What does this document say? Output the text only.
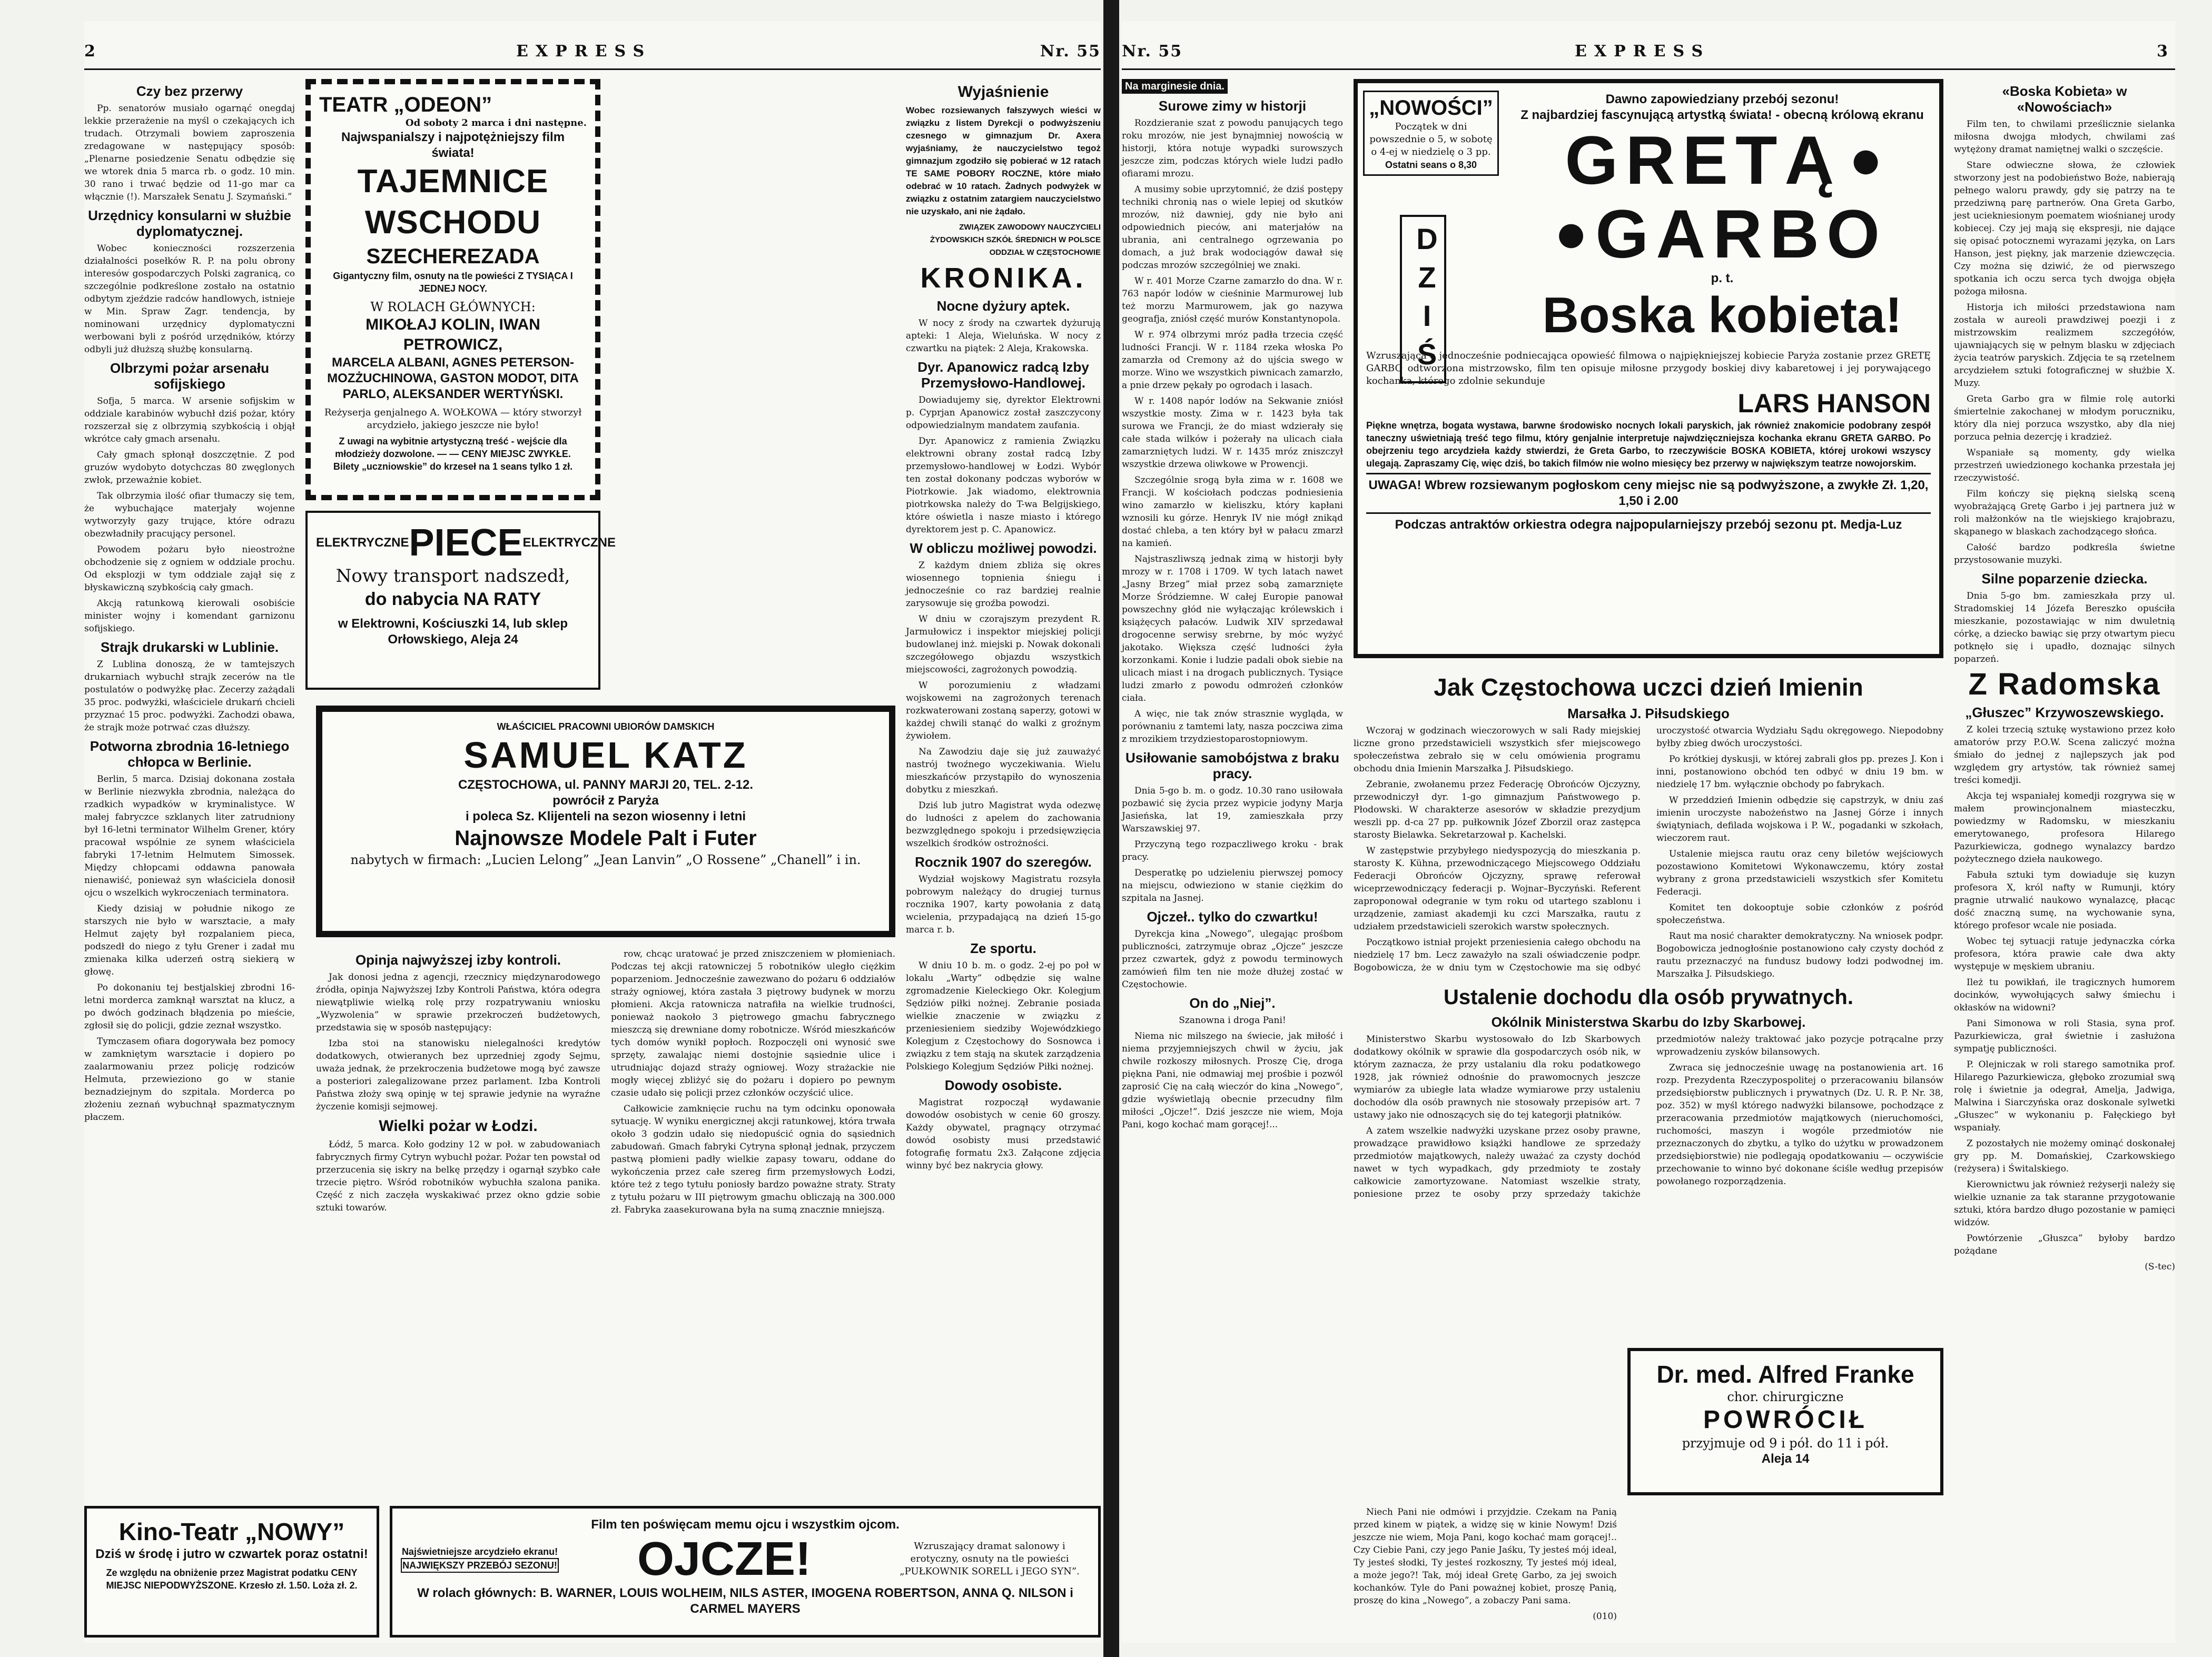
2	EXPRESS	Nr. 55
Czy bez przerwy

Pp. senatorów musiało ogarnąć onegdaj lekkie przerażenie na myśl o czekających ich trudach. Otrzymali bowiem zaproszenia zredagowane w następujący sposób: „Plenarne posiedzenie Senatu odbędzie się we wtorek dnia 5 marca rb. o godz. 10 min. 30 rano i trwać będzie od 11-go mar ca włącznie (!). Marszałek Senatu J. Szymański.”

Urzędnicy konsularni w służbie dyplomatycznej.

Wobec konieczności rozszerzenia działalności posełków R. P. na polu obrony interesów gospodarczych Polski zagranicą, co szczególnie podkreślone zostało na ostatnio odbytym zjeździe radców handlowych, istnieje w Min. Spraw Zagr. tendencja, by nominowani urzędnicy dyplomatyczni werbowani byli z pośród urzędników, którzy odbyli już dłuższą służbę konsularną.

Olbrzymi pożar arsenału sofijskiego

Sofja, 5 marca. W arsenie sofijskim w oddziale karabinów wybuchł dziś pożar, który rozszerzał się z olbrzymią szybkością i objął wkrótce cały gmach arsenału.

Cały gmach spłonął doszczętnie. Z pod gruzów wydobyto dotychczas 80 zwęglonych zwłok, przeważnie kobiet.

Tak olbrzymia ilość ofiar tłumaczy się tem, że wybuchające materjały wojenne wytworzyły gazy trujące, które odrazu obezwładniły pracujący personel.

Powodem pożaru było nieostrożne obchodzenie się z ogniem w oddziale prochu. Od eksplozji w tym oddziale zajął się z błyskawiczną szybkością cały gmach.

Akcją ratunkową kierowali osobiście minister wojny i komendant garnizonu sofijskiego.

Strajk drukarski w Lublinie.

Z Lublina donoszą, że w tamtejszych drukarniach wybuchł strajk zecerów na tle postulatów o podwyżkę płac. Zecerzy zażądali 35 proc. podwyżki, właściciele drukarń chcieli przyznać 15 proc. podwyżki. Zachodzi obawa, że strajk może potrwać czas dłuższy.

Potworna zbrodnia 16-letniego chłopca w Berlinie.

Berlin, 5 marca. Dzisiaj dokonana została w Berlinie niezwykła zbrodnia, należąca do rzadkich wypadków w kryminalistyce. W małej fabryczce szklanych liter zatrudniony był 16-letni terminator Wilhelm Grener, który pracował wspólnie ze synem właściciela fabryki 17-letnim Helmutem Simossek. Między chłopcami oddawna panowała nienawiść, ponieważ syn właściciela donosił ojcu o wszelkich wykroczeniach terminatora.

Kiedy dzisiaj w południe nikogo ze starszych nie było w warsztacie, a mały Helmut zajęty był rozpalaniem pieca, podszedł do niego z tyłu Grener i zadał mu zmienaka kilka uderzeń ostrą siekierą w głowę.

Po dokonaniu tej bestjalskiej zbrodni 16-letni morderca zamknął warsztat na klucz, a po dwóch godzinach błądzenia po mieście, zgłosił się do policji, gdzie zeznał wszystko.

Tymczasem ofiara dogorywała bez pomocy w zamkniętym warsztacie i dopiero po zaalarmowaniu przez policję rodziców Helmuta, przewieziono go w stanie beznadziejnym do szpitala. Morderca po złożeniu zeznań wybuchnął spazmatycznym płaczem.

TEATR „ODEON”
Od soboty 2 marca i dni następne.
Najwspanialszy i najpotężniejszy film świata!
TAJEMNICE WSCHODU
SZECHEREZADA
Gigantyczny film, osnuty na tle powieści Z TYSIĄCA I JEDNEJ NOCY.
W ROLACH GŁÓWNYCH:
MIKOŁAJ KOLIN, IWAN PETROWICZ,
MARCELA ALBANI, AGNES PETERSON-MOZŻUCHINOWA, GASTON MODOT, DITA PARLO, ALEKSANDER WERTYŃSKI.
Reżyserja genjalnego A. WOŁKOWA — który stworzył arcydzieło, jakiego jeszcze nie było!
Z uwagi na wybitnie artystyczną treść - wejście dla młodzieży dozwolone. — — CENY MIEJSC ZWYKŁE.
Bilety „uczniowskie” do krzeseł na 1 seans tylko 1 zł.
ELEKTRYCZNE PIECE ELEKTRYCZNE
Nowy transport nadszedł,
do nabycia NA RATY
w Elektrowni, Kościuszki 14, lub sklep Orłowskiego, Aleja 24
WŁAŚCICIEL PRACOWNI UBIORÓW DAMSKICH
SAMUEL KATZ
CZĘSTOCHOWA, ul. PANNY MARJI 20, TEL. 2-12.
powrócił z Paryża
i poleca Sz. Klijenteli na sezon wiosenny i letni
Najnowsze Modele Palt i Futer
nabytych w firmach: „Lucien Lelong” „Jean Lanvin” „O Rossene” „Chanell” i in.
Opinja najwyższej izby kontroli.

Jak donosi jedna z agencji, rzecznicy międzynarodowego źródła, opinja Najwyższej Izby Kontroli Państwa, która odegra niewątpliwie wielką rolę przy rozpatrywaniu wniosku „Wyzwolenia” w sprawie przekroczeń budżetowych, przedstawia się w sposób następujący:

Izba stoi na stanowisku nielegalności kredytów dodatkowych, otwieranych bez uprzedniej zgody Sejmu, uważa jednak, że przekroczenia budżetowe mogą być zawsze a posteriori zalegalizowane przez parlament. Izba Kontroli Państwa złoży swą opinję w tej sprawie jedynie na wyraźne życzenie komisji sejmowej.

Wielki pożar w Łodzi.

Łódź, 5 marca. Koło godziny 12 w poł. w zabudowaniach fabrycznych firmy Cytryn wybuchł pożar. Pożar ten powstał od przerzucenia się iskry na belkę przędzy i ogarnął szybko całe trzecie piętro. Wśród robotników wybuchła szalona panika. Część z nich zaczęła wyskakiwać przez okno gdzie sobie sztuki towarów.

row, chcąc uratować je przed zniszczeniem w płomieniach. Podczas tej akcji ratowniczej 5 robotników uległo ciężkim poparzeniom. Jednocześnie zawezwano do pożaru 6 oddziałów straży ogniowej, która zastała 3 piętrowy budynek w morzu płomieni. Akcja ratownicza natrafiła na wielkie trudności, ponieważ naokoło 3 piętrowego gmachu fabrycznego mieszczą się drewniane domy robotnicze. Wśród mieszkańców tych domów wynikł popłoch. Rozpoczęli oni wynosić swe sprzęty, zawalając niemi dostojnie sąsiednie ulice i utrudniając dojazd straży ogniowej. Wozy strażackie nie mogły więcej zbliżyć się do pożaru i dopiero po pewnym czasie udało się policji przez członków oczyścić ulice.

Całkowicie zamknięcie ruchu na tym odcinku oponowała sytuację. W wyniku energicznej akcji ratunkowej, która trwała około 3 godzin udało się niedopuścić ognia do sąsiednich zabudowań. Gmach fabryki Cytryna spłonął jednak, przyczem pastwą płomieni padły wielkie zapasy towaru, oddane do wykończenia przez całe szereg firm przemysłowych Łodzi, które też z tego tytułu poniosły bardzo poważne straty. Straty z tytułu pożaru w III piętrowym gmachu obliczają na 300.000 zł. Fabryka zaasekurowana była na sumą znacznie mniejszą.

Wyjaśnienie

Wobec rozsiewanych fałszywych wieści w związku z listem Dyrekcji o podwyższeniu czesnego w gimnazjum Dr. Axera wyjaśniamy, że nauczycielstwo tegoż gimnazjum zgodziło się pobierać w 12 ratach TE SAME POBORY ROCZNE, które miało odebrać w 10 ratach. Żadnych podwyżek w związku z ostatnim zatargiem nauczycielstwo nie uzyskało, ani nie żądało.

ZWIĄZEK ZAWODOWY NAUCZYCIELI ŻYDOWSKICH SZKÓŁ ŚREDNICH W POLSCE ODDZIAŁ W CZĘSTOCHOWIE

KRONIKA.
Nocne dyżury aptek.

W nocy z środy na czwartek dyżurują apteki: 1 Aleja, Wieluńska. W nocy z czwartku na piątek: 2 Aleja, Krakowska.

Dyr. Apanowicz radcą Izby Przemysłowo-Handlowej.

Dowiadujemy się, dyrektor Elektrowni p. Cyprjan Apanowicz został zaszczycony odpowiedzialnym mandatem zaufania.

Dyr. Apanowicz z ramienia Związku elektrowni obrany został radcą Izby przemysłowo-handlowej w Łodzi. Wybór ten został dokonany podczas wyborów w Piotrkowie. Jak wiadomo, elektrownia piotrkowska należy do T-wa Belgijskiego, które oświetla i nasze miasto i którego dyrektorem jest p. C. Apanowicz.

W obliczu możliwej powodzi.

Z każdym dniem zbliża się okres wiosennego topnienia śniegu i jednocześnie co raz bardziej realnie zarysowuje się groźba powodzi.

W dniu w czorajszym prezydent R. Jarmułowicz i inspektor miejskiej policji budowlanej inż. miejski p. Nowak dokonali szczegółowego objazdu wszystkich miejscowości, zagrożonych powodzią.

W porozumieniu z władzami wojskowemi na zagrożonych terenach rozkwaterowani zostaną saperzy, gotowi w każdej chwili stanąć do walki z groźnym żywiołem.

Na Zawodziu daje się już zauważyć nastrój twoźnego wyczekiwania. Wielu mieszkańców przystąpiło do wynoszenia dobytku z mieszkań.

Dziś lub jutro Magistrat wyda odezwę do ludności z apelem do zachowania bezwzględnego spokoju i przedsięwzięcia wszelkich środków ostrożności.

Rocznik 1907 do szeregów.

Wydział wojskowy Magistratu rozsyła pobrowym należący do drugiej turnus rocznika 1907, karty powołania z datą wcielenia, przypadającą na dzień 15-go marca r. b.

Ze sportu.

W dniu 10 b. m. o godz. 2-ej po poł w lokalu „Warty” odbędzie się walne zgromadzenie Kieleckiego Okr. Kolegjum Sędziów piłki nożnej. Zebranie posiada wielkie znaczenie w związku z przeniesieniem siedziby Wojewódzkiego Kolegjum z Częstochowy do Sosnowca i związku z tem stają na skutek zarządzenia Polskiego Kolegjum Sędziów Piłki nożnej.

Dowody osobiste.

Magistrat rozpoczął wydawanie dowodów osobistych w cenie 60 groszy. Każdy obywatel, pragnący otrzymać dowód osobisty musi przedstawić fotografię formatu 2x3. Załącone zdjęcia winny być bez nakrycia głowy.

Kino-Teatr „NOWY”
Dziś w środę i jutro w czwartek poraz ostatni!
Ze względu na obniżenie przez Magistrat podatku CENY MIEJSC NIEPODWYŻSZONE. Krzesło zł. 1.50. Loża zł. 2.
Film ten poświęcam memu ojcu i wszystkim ojcom.
Najświetniejsze arcydzieło ekranu!
NAJWIĘKSZY PRZEBÓJ SEZONU! OJCZE!	Wzruszający dramat salonowy i erotyczny, osnuty na tle powieści „PUŁKOWNIK SORELL i JEGO SYN”.
W rolach głównych: B. WARNER, LOUIS WOLHEIM, NILS ASTER, IMOGENA ROBERTSON, ANNA Q. NILSON i CARMEL MAYERS
Nr. 55	EXPRESS	3
Na marginesie dnia.
Surowe zimy w historji

Rozdzieranie szat z powodu panujących tego roku mrozów, nie jest bynajmniej nowością w historji, która notuje wypadki surowszych jeszcze zim, podczas których wiele ludzi padło ofiarami mrozu.

A musimy sobie uprzytomnić, że dziś postępy techniki chronią nas o wiele lepiej od skutków mrozów, niż dawniej, gdy nie było ani odpowiednich pieców, ani materjałów na ubrania, ani centralnego ogrzewania po domach, a już brak wodociągów dawał się podczas mrozów szczególniej we znaki.

W r. 401 Morze Czarne zamarzło do dna. W r. 763 napór lodów w cieśninie Marmurowej lub też morzu Marmurowem, jak go nazywa geografja, zniósł część murów Konstantynopola.

W r. 974 olbrzymi mróz padła trzecia część ludności Francji. W r. 1184 rzeka włoska Po zamarzła od Cremony aż do ujścia swego w morze. Wino we wszystkich piwnicach zamarzło, a pnie drzew pękały po ogrodach i lasach.

W r. 1408 napór lodów na Sekwanie zniósł wszystkie mosty. Zima w r. 1423 była tak surowa we Francji, że do miast wdzierały się całe stada wilków i pożerały na ulicach ciała zamarzniętych ludzi. W r. 1435 mróz zniszczył wszystkie drzewa oliwkowe w Prowencji.

Szczególnie srogą była zima w r. 1608 we Francji. W kościołach podczas podniesienia wino zamarzło w kieliszku, który kapłani wznosili ku górze. Henryk IV nie mógł znikąd dostać chleba, a ten który był w pałacu zmarzł na kamień.

Najstraszliwszą jednak zimą w historji były mrozy w r. 1708 i 1709. W tych latach nawet „Jasny Brzeg” miał przez sobą zamarznięte Morze Śródziemne. W całej Europie panował powszechny głód nie wyłączając królewskich i książęcych pałaców. Ludwik XIV sprzedawał drogocenne serwisy srebrne, by móc wyżyć jakotako. Większa część ludności żyła korzonkami. Konie i ludzie padali obok siebie na ulicach miast i na drogach publicznych. Tysiące ludzi zmarło z powodu odmrożeń członków ciała.

A więc, nie tak znów strasznie wygląda, w porównaniu z tamtemi laty, nasza poczciwa zima z mrozikiem trzydziestoparostopniowym.

Usiłowanie samobójstwa z braku pracy.

Dnia 5-go b. m. o godz. 10.30 rano usiłowała pozbawić się życia przez wypicie jodyny Marja Jasieńska, lat 19, zamieszkała przy Warszawskiej 97.

Przyczyną tego rozpaczliwego kroku - brak pracy.

Desperatkę po udzieleniu pierwszej pomocy na miejscu, odwieziono w stanie ciężkim do szpitala na Jasnej.

Ojczeł.. tylko do czwartku!

Dyrekcja kina „Nowego”, ulegając prośbom publiczności, zatrzymuje obraz „Ojcze” jeszcze przez czwartek, gdyż z powodu terminowych zamówień film ten nie może dłużej zostać w Częstochowie.

On do „Niej”.

Szanowna i droga Pani!

Niema nic milszego na świecie, jak miłość i niema przyjemniejszych chwil w życiu, jak chwile rozkoszy miłosnych. Proszę Cię, droga piękna Pani, nie odmawiaj mej prośbie i pozwól zaprosić Cię na całą wieczór do kina „Nowego”, gdzie wyświetlają obecnie przecudny film miłości „Ojcze!”. Dziś jeszcze nie wiem, Moja Pani, kogo kochać mam gorącej!...

„NOWOŚCI”
Początek w dni powszednie o 5, w sobotę o 4-ej w niedzielę o 3 pp.
Ostatni seans o 8,30
DZIŚ
Dawno zapowiedziany przebój sezonu!
Z najbardziej fascynującą artystką świata! - obecną królową ekranu
GRETĄ ●
● GARBO
p. t.
Boska kobieta!
Wzruszająca a jednocześnie podniecająca opowieść filmowa o najpiękniejszej kobiecie Paryża zostanie przez GRETĘ GARBO odtworzona mistrzowsko, film ten opisuje miłosne przygody boskiej divy kabaretowej i jej porywającego kochanka, którego zdolnie sekunduje
LARS HANSON
Piękne wnętrza, bogata wystawa, barwne środowisko nocnych lokali paryskich, jak również znakomicie podobrany zespół taneczny uświetniają treść tego filmu, który genjalnie interpretuje najwdzięczniejsza kochanka ekranu GRETA GARBO. Po obejrzeniu tego arcydzieła każdy stwierdzi, że Greta Garbo, to rzeczywiście BOSKA KOBIETA, której urokowi wszyscy ulegają. Zapraszamy Cię, więc dziś, bo takich filmów nie wolno miesięcy bez przerwy w największym teatrze nowojorskim.
UWAGA! Wbrew rozsiewanym pogłoskom ceny miejsc nie są podwyższone, a zwykłe Zł. 1,20, 1,50 i 2.00
Podczas antraktów orkiestra odegra najpopularniejszy przebój sezonu pt. Medja-Luz
Jak Częstochowa uczci dzień Imienin
Marsałka J. Piłsudskiego

Wczoraj w godzinach wieczorowych w sali Rady miejskiej liczne grono przedstawicieli wszystkich sfer miejscowego społeczeństwa zebrało się w celu omówienia programu obchodu dnia Imienin Marszałka J. Piłsudskiego.

Zebranie, zwołanemu przez Federację Obrońców Ojczyzny, przewodniczył dyr. 1-go gimnazjum Państwowego p. Płodowski. W charakterze asesorów w składzie prezydjum weszli pp. d-ca 27 pp. pułkownik Józef Zborzil oraz zastępca starosty Bielawka. Sekretarzował p. Kachelski.

W zastępstwie przybyłego niedyspozycją do mieszkania p. starosty K. Kühna, przewodniczącego Miejscowego Oddziału Federacji Obrońców Ojczyzny, sprawę referował wiceprzewodniczący federacji p. Wojnar–Byczyński. Referent zaproponował odegranie w tym roku od utartego szablonu i urządzenie, zamiast akademji ku czci Marszałka, rautu z udziałem przedstawicieli szerokich warstw społecznych.

Początkowo istniał projekt przeniesienia całego obchodu na niedzielę 17 bm. Lecz zaważyło na szali oświadczenie podpr. Bogobowicza, że w dniu tym w Częstochowie ma się odbyć uroczystość otwarcia Wydziału Sądu okręgowego. Niepodobny byłby zbieg dwóch uroczystości.

Po krótkiej dyskusji, w której zabrali głos pp. prezes J. Kon i inni, postanowiono obchód ten odbyć w dniu 19 bm. w niedzielę 17 bm. wyłącznie obchody po fabrykach.

W przeddzień Imienin odbędzie się capstrzyk, w dniu zaś imienin uroczyste nabożeństwo na Jasnej Górze i innych świątyniach, defilada wojskowa i P. W., pogadanki w szkołach, wieczorem raut.

Ustalenie miejsca rautu oraz ceny biletów wejściowych pozostawiono Komitetowi Wykonawczemu, który został wybrany z grona przedstawicieli wszystkich sfer Komitetu Federacji.

Komitet ten dokooptuje sobie członków z pośród społeczeństwa.

Raut ma nosić charakter demokratyczny. Na wniosek podpr. Bogobowicza jednogłośnie postanowiono cały czysty dochód z rautu przeznaczyć na fundusz budowy łodzi podwodnej im. Marszałka J. Piłsudskiego.

Ustalenie dochodu dla osób prywatnych.
Okólnik Ministerstwa Skarbu do Izby Skarbowej.

Ministerstwo Skarbu wystosowało do Izb Skarbowych dodatkowy okólnik w sprawie dla gospodarczych osób nik, w którym zaznacza, że przy ustalaniu dla roku podatkowego 1928, jak również odnośnie do prawomocnych jeszcze wymiarów za ubiegłe lata władze wymiarowe przy ustaleniu dochodów dla osób prawnych nie stosowały przepisów art. 7 ustawy jako nie odnoszących się do tej kategorji płatników.

A zatem wszelkie nadwyżki uzyskane przez osoby prawne, prowadzące prawidłowo książki handlowe ze sprzedaży przedmiotów majątkowych, należy uważać za czysty dochód nawet w tych wypadkach, gdy przedmioty te zostały całkowicie zamortyzowane. Natomiast wszelkie straty, poniesione przez te osoby przy sprzedaży takichże przedmiotów należy traktować jako pozycje potrącalne przy wprowadzeniu zysków bilansowych.

Zwraca się jednocześnie uwagę na postanowienia art. 16 rozp. Prezydenta Rzeczypospolitej o przeracowaniu bilansów przedsiębiorstw publicznych i prywatnych (Dz. U. R. P. Nr. 38, poz. 352) w myśl którego nadwyżki bilansowe, pochodzące z przeracowania przedmiotów majątkowych (nieruchomości, ruchomości, maszyn i wogóle przedmiotów nie przeznaczonych do zbytku, a tylko do użytku w prowadzonem przedsiębiorstwie) nie podlegają opodatkowaniu — oczywiście przechowanie to winno być dokonane ściśle według przepisów powołanego rozporządzenia.

«Boska Kobieta» w «Nowościach»

Film ten, to chwilami prześlicznie sielanka miłosna dwojga młodych, chwilami zaś wytężony dramat namiętnej walki o szczęście.

Stare odwieczne słowa, że człowiek stworzony jest na podobieństwo Boże, nabierają pełnego waloru prawdy, gdy się patrzy na te przedziwną parę partnerów. Ona Greta Garbo, jest uciekniesionym poematem wiośnianej urody kobiecej. Czy jej mają się ekspresji, nie dające się opisać potocznemi wyrazami języka, on Lars Hanson, jest piękny, jak marzenie dziewczęcia. Czy można się dziwić, że od pierwszego spotkania ich oczu serca tych dwojga objęła pożoga miłosna.

Historja ich miłości przedstawiona nam została w aureoli prawdziwej poezji i z mistrzowskim realizmem szczegółów, ujawniających się w pełnym blasku w zdjęciach życia teatrów paryskich. Zdjęcia te są rzetelnem arcydziełem sztuki fotograficznej w służbie X. Muzy.

Greta Garbo gra w filmie rolę autorki śmiertelnie zakochanej w młodym poruczniku, który dla niej porzuca wszystko, aby dla niej porzuca pełnia dezercję i kradzież.

Wspaniałe są momenty, gdy wielka przestrzeń uwiedzionego kochanka przestała jej rzeczywistość.

Film kończy się piękną sielską sceną wyobrażającą Gretę Garbo i jej partnera już w roli małżonków na tle wiejskiego krajobrazu, skąpanego w blaskach zachodzącego słońca.

Całość bardzo podkreśla świetne przystosowanie muzyki.

Silne poparzenie dziecka.

Dnia 5-go bm. zamieszkała przy ul. Stradomskiej 14 Józefa Bereszko opuściła mieszkanie, pozostawiając w nim dwuletnią córkę, a dziecko bawiąc się przy otwartym piecu potknęło się i upadło, doznając silnych poparzeń.

Z Radomska
„Głuszec” Krzywoszewskiego.

Z kolei trzecią sztukę wystawiono przez koło amatorów przy P.O.W. Scena zaliczyć można śmiało do jednej z najlepszych jak pod względem gry artystów, tak również samej treści komedji.

Akcja tej wspaniałej komedji rozgrywa się w małem prowincjonalnem miasteczku, powiedzmy w Radomsku, w mieszkaniu emerytowanego, profesora Hilarego Pazurkiewicza, godnego wynalazcy bardzo pożytecznego dzieła naukowego.

Fabuła sztuki tym dowiaduje się kuzyn profesora X, król nafty w Rumunji, który pragnie utrwalić naukowo wynalazcę, płacąc dość znaczną sumę, na wychowanie syna, którego profesor wcale nie posiada.

Wobec tej sytuacji ratuje jedynaczka córka profesora, która prawie całe dwa akty występuje w męskiem ubraniu.

Ileż tu powikłań, ile tragicznych humorem docinków, wywołujących sałwy śmiechu i okłasków na widowni?

Pani Simonowa w roli Stasia, syna prof. Pazurkiewicza, grał świetnie i zasłużona sympatję publiczności.

P. Olejniczak w roli starego samotnika prof. Hilarego Pazurkiewicza, głęboko zrozumiał swą rolę i świetnie ja odegrał, Amelja, Jadwiga, Malwina i Siarczyńska oraz doskonale sylwetki „Głuszec” w wykonaniu p. Fałęckiego był wspaniały.

Z pozostałych nie możemy ominąć doskonałej gry pp. M. Domańskiej, Czarkowskiego (reżysera) i Świtalskiego.

Kierownictwu jak również reżyserji należy się wielkie uznanie za tak staranne przygotowanie sztuki, która bardzo długo pozostanie w pamięci widzów.

Powtórzenie „Głuszca” byłoby bardzo pożądane

(S-tec)

Dr. med. Alfred Franke
chor. chirurgiczne
POWRÓCIŁ
przyjmuje od 9 i pół. do 11 i pół.
Aleja 14

Niech Pani nie odmówi i przyjdzie. Czekam na Panią przed kinem w piątek, a widzę się w kinie Nowym! Dziś jeszcze nie wiem, Moja Pani, kogo kochać mam gorącej!.. Czy Ciebie Pani, czy jego Panie Jaśku, Ty jesteś mój ideal, Ty jesteś słodki, Ty jesteś rozkoszny, Ty jesteś mój ideal, a może jego?! Tak, mój ideał Gretę Garbo, za jej swoich kochanków. Tyle do Pani poważnej kobiet, proszę Panią, proszę do kina „Nowego”, a zobaczy Pani sama.

(010)
